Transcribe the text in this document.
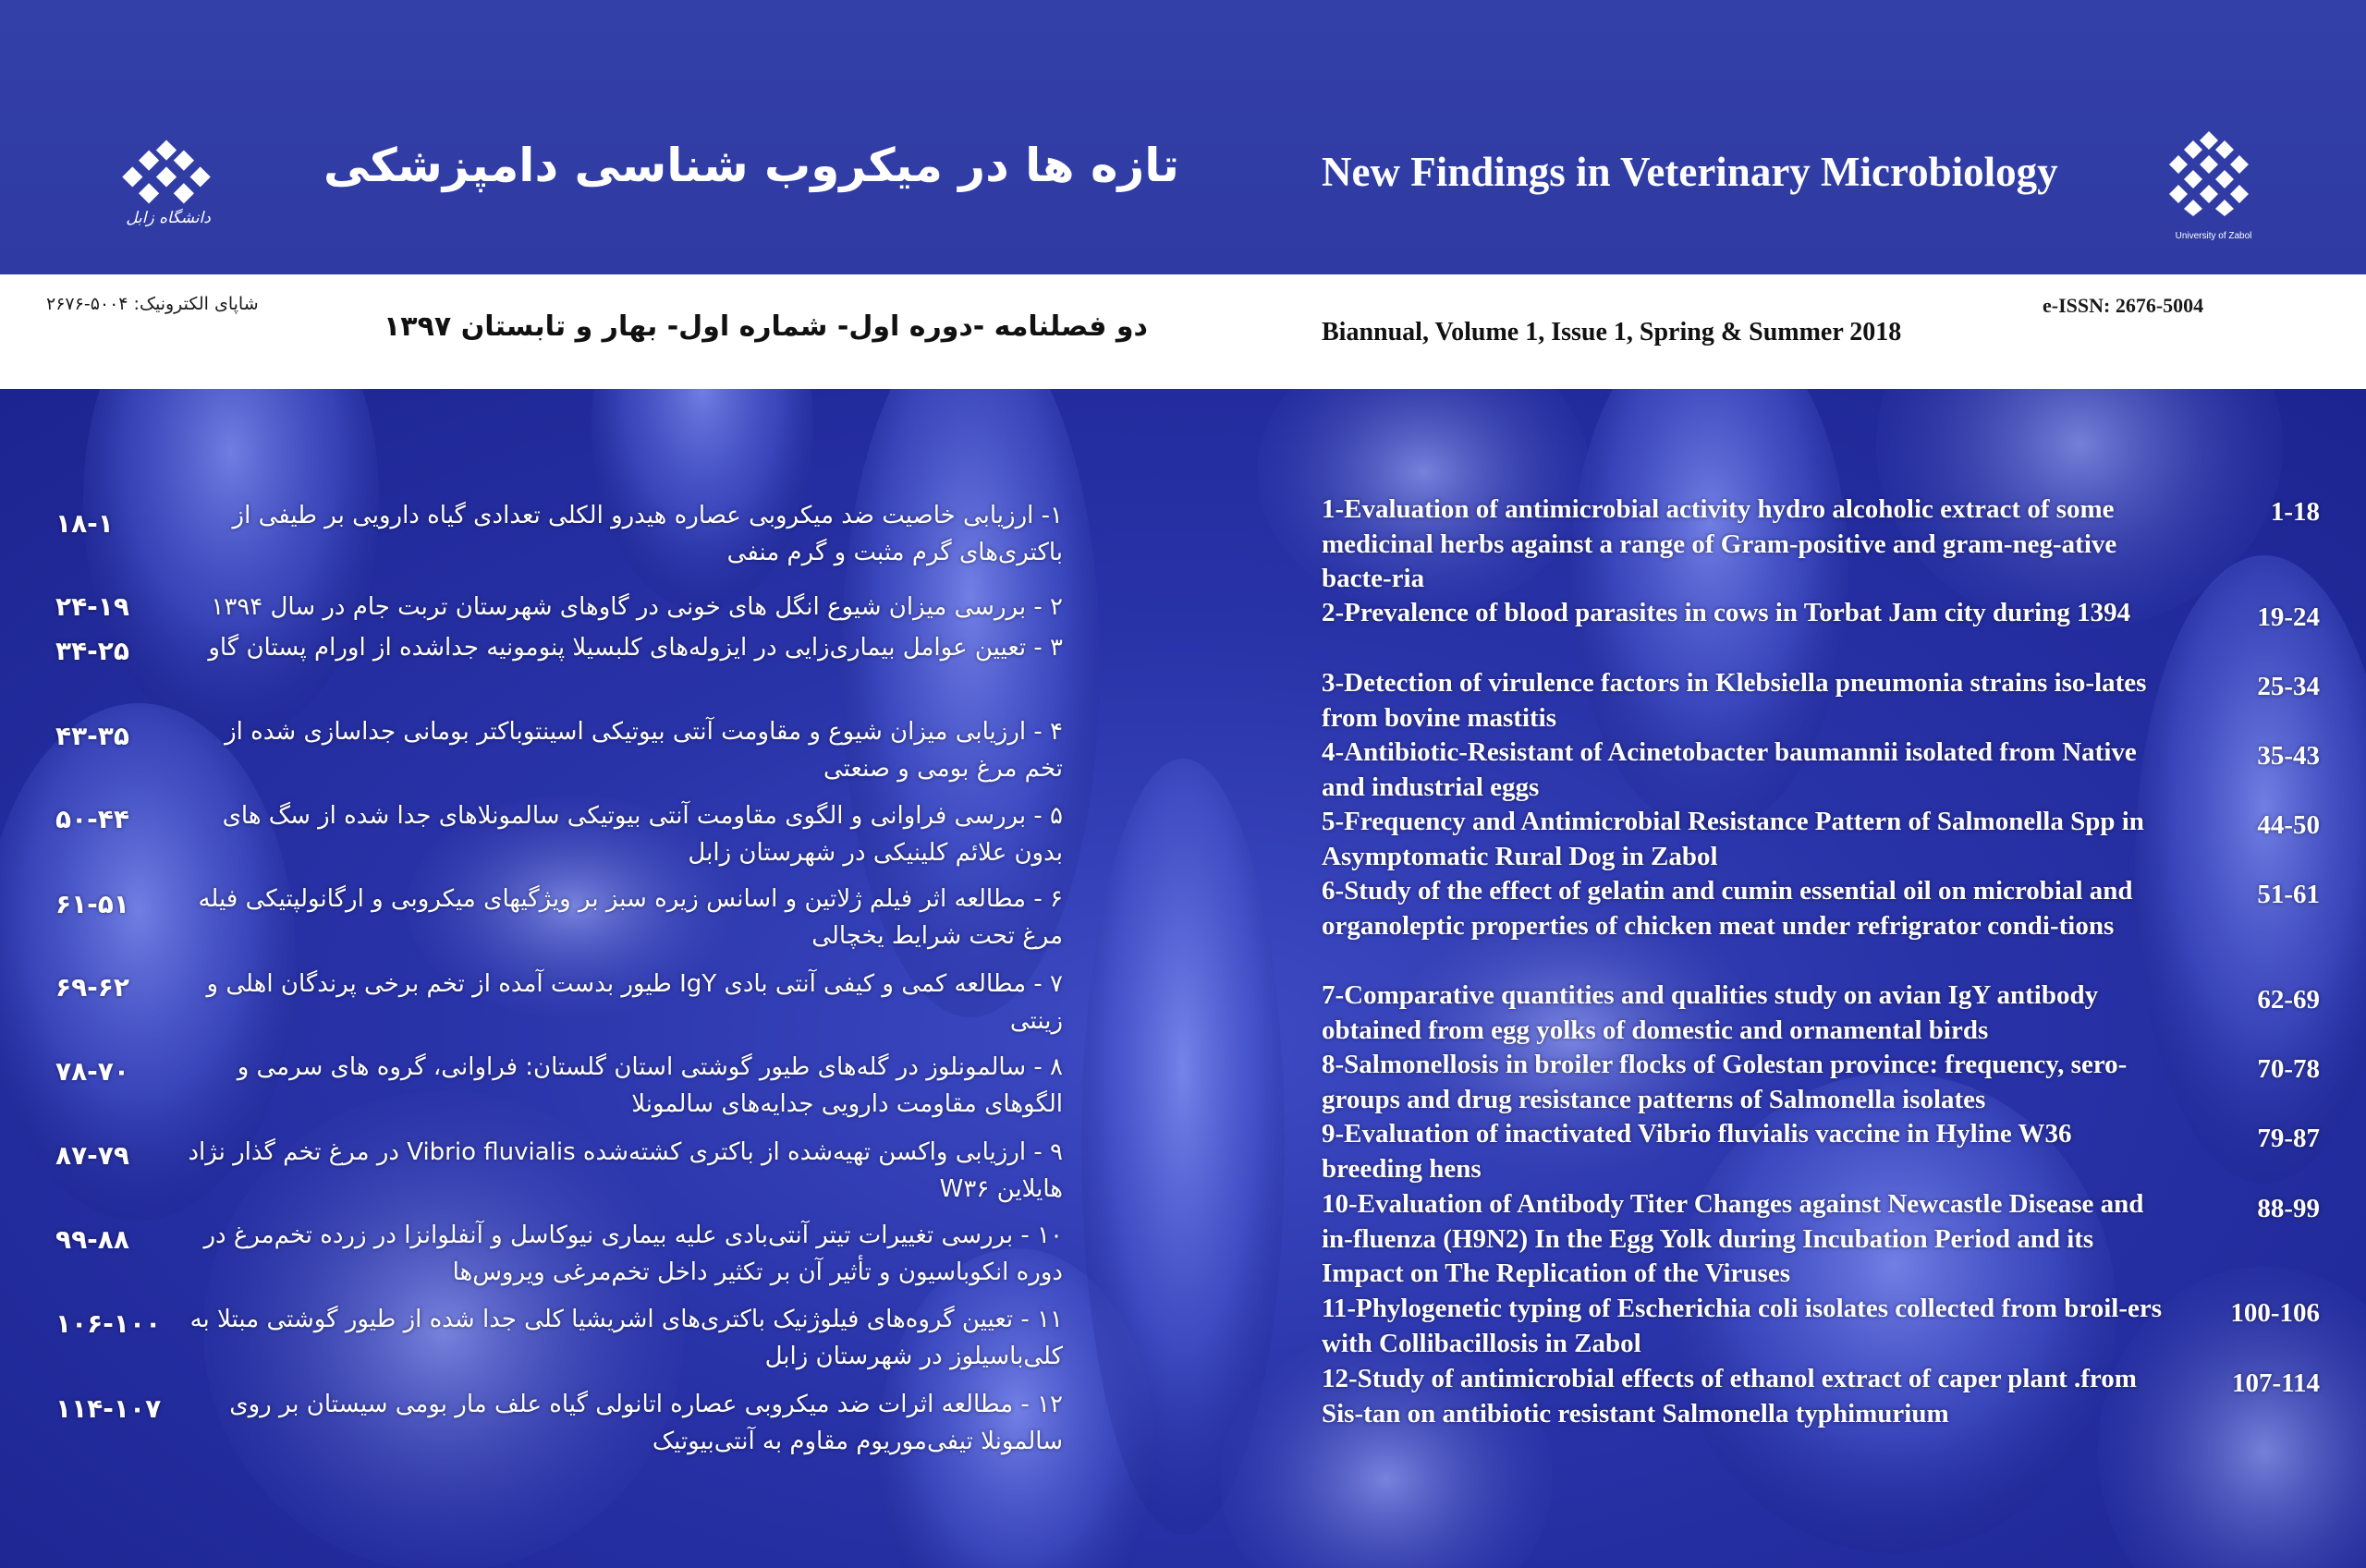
University of Zabol
دانشگاه زابل
New Findings in Veterinary Microbiology
تازه ها در میکروب شناسی دامپزشکی
e-ISSN: 2676-5004
شاپای الکترونیک: ۵۰۰۴-۲۶۷۶
Biannual, Volume 1, Issue 1, Spring & Summer 2018
دو فصلنامه -دوره اول- شماره اول- بهار و تابستان ۱۳۹۷
1-Evaluation of antimicrobial activity hydro alcoholic extract of some medicinal herbs against a range of Gram-positive and gram-neg-ative bacte-ria
1-18
2-Prevalence of blood parasites in cows in Torbat Jam city during 1394	19-24
3-Detection of virulence factors in Klebsiella pneumonia strains iso-lates from bovine mastitis
25-34
4-Antibiotic-Resistant of Acinetobacter baumannii isolated from Native and industrial eggs
35-43
5-Frequency and Antimicrobial Resistance Pattern of Salmonella Spp in Asymptomatic Rural Dog in Zabol
44-50
6-Study of the effect of gelatin and cumin essential oil on microbial and organoleptic properties of chicken meat under refrigrator condi-tions
51-61
7-Comparative quantities and qualities study on avian IgY antibody obtained from egg yolks of domestic and ornamental birds
62-69
8-Salmonellosis in broiler flocks of Golestan province: frequency, sero-groups and drug resistance patterns of Salmonella isolates
70-78
9-Evaluation of inactivated Vibrio fluvialis vaccine in Hyline W36 breeding hens
79-87
10-Evaluation of Antibody Titer Changes against Newcastle Disease and in-fluenza (H9N2) In the Egg Yolk during Incubation Period and its Impact on The Replication of the Viruses
88-99
11-Phylogenetic typing of Escherichia coli isolates collected from broil-ers with Collibacillosis in Zabol
100-106
12-Study of antimicrobial effects of ethanol extract of caper plant .from Sis-tan on antibiotic resistant Salmonella typhimurium
107-114
۱- ارزیابی خاصیت ضد میکروبی عصاره هیدرو الکلی تعدادی گیاه دارویی بر طیفی از باکتری‌های گرم مثبت و گرم منفی
۱۸-۱
۲ - بررسی میزان شیوع انگل های خونی در گاوهای شهرستان تربت جام در سال ۱۳۹۴
۲۴-۱۹
۳ - تعیین عوامل بیماری‌زایی در ایزوله‌های کلبسیلا پنومونیه جداشده از اورام پستان گاو
۳۴-۲۵
۴ - ارزیابی میزان شیوع و مقاومت آنتی بیوتیکی اسینتوباکتر بومانی جداسازی شده از تخم مرغ بومی و صنعتی
۴۳-۳۵
۵ - بررسی فراوانی و الگوی مقاومت آنتی بیوتیکی سالمونلاهای جدا شده از سگ های بدون علائم کلینیکی در شهرستان زابل
۵۰-۴۴
۶ - مطالعه اثر فیلم ژلاتین و اسانس زیره سبز بر ویژگیهای میکروبی و ارگانولپتیکی فیله مرغ تحت شرایط یخچالی
۶۱-۵۱
۷ - مطالعه کمی و کیفی آنتی بادی IgY طیور بدست آمده از تخم برخی پرندگان اهلی و زینتی
۶۹-۶۲
۸ - سالمونلوز در گله‌های طیور گوشتی استان گلستان: فراوانی، گروه های سرمی و الگوهای مقاومت دارویی جدایه‌های سالمونلا
۷۸-۷۰
۹ - ارزیابی واکسن تهیه‌شده از باکتری کشته‌شده Vibrio fluvialis در مرغ تخم گذار نژاد هایلاین W۳۶
۸۷-۷۹
۱۰ - بررسی تغییرات تیتر آنتی‌بادی علیه بیماری نیوکاسل و آنفلوانزا در زرده تخم‌مرغ در دوره انکوباسیون و تأثیر آن بر تکثیر داخل تخم‌مرغی ویروس‌ها
۹۹-۸۸
۱۱ - تعیین گروه‌های فیلوژنیک باکتری‌های اشریشیا کلی جدا شده از طیور گوشتی مبتلا به کلی‌باسیلوز در شهرستان زابل
۱۰۶-۱۰۰
۱۲ - مطالعه اثرات ضد میکروبی عصاره اتانولی گیاه علف مار بومی سیستان بر روی سالمونلا تیفی‌موریوم مقاوم به آنتی‌بیوتیک
۱۱۴-۱۰۷
